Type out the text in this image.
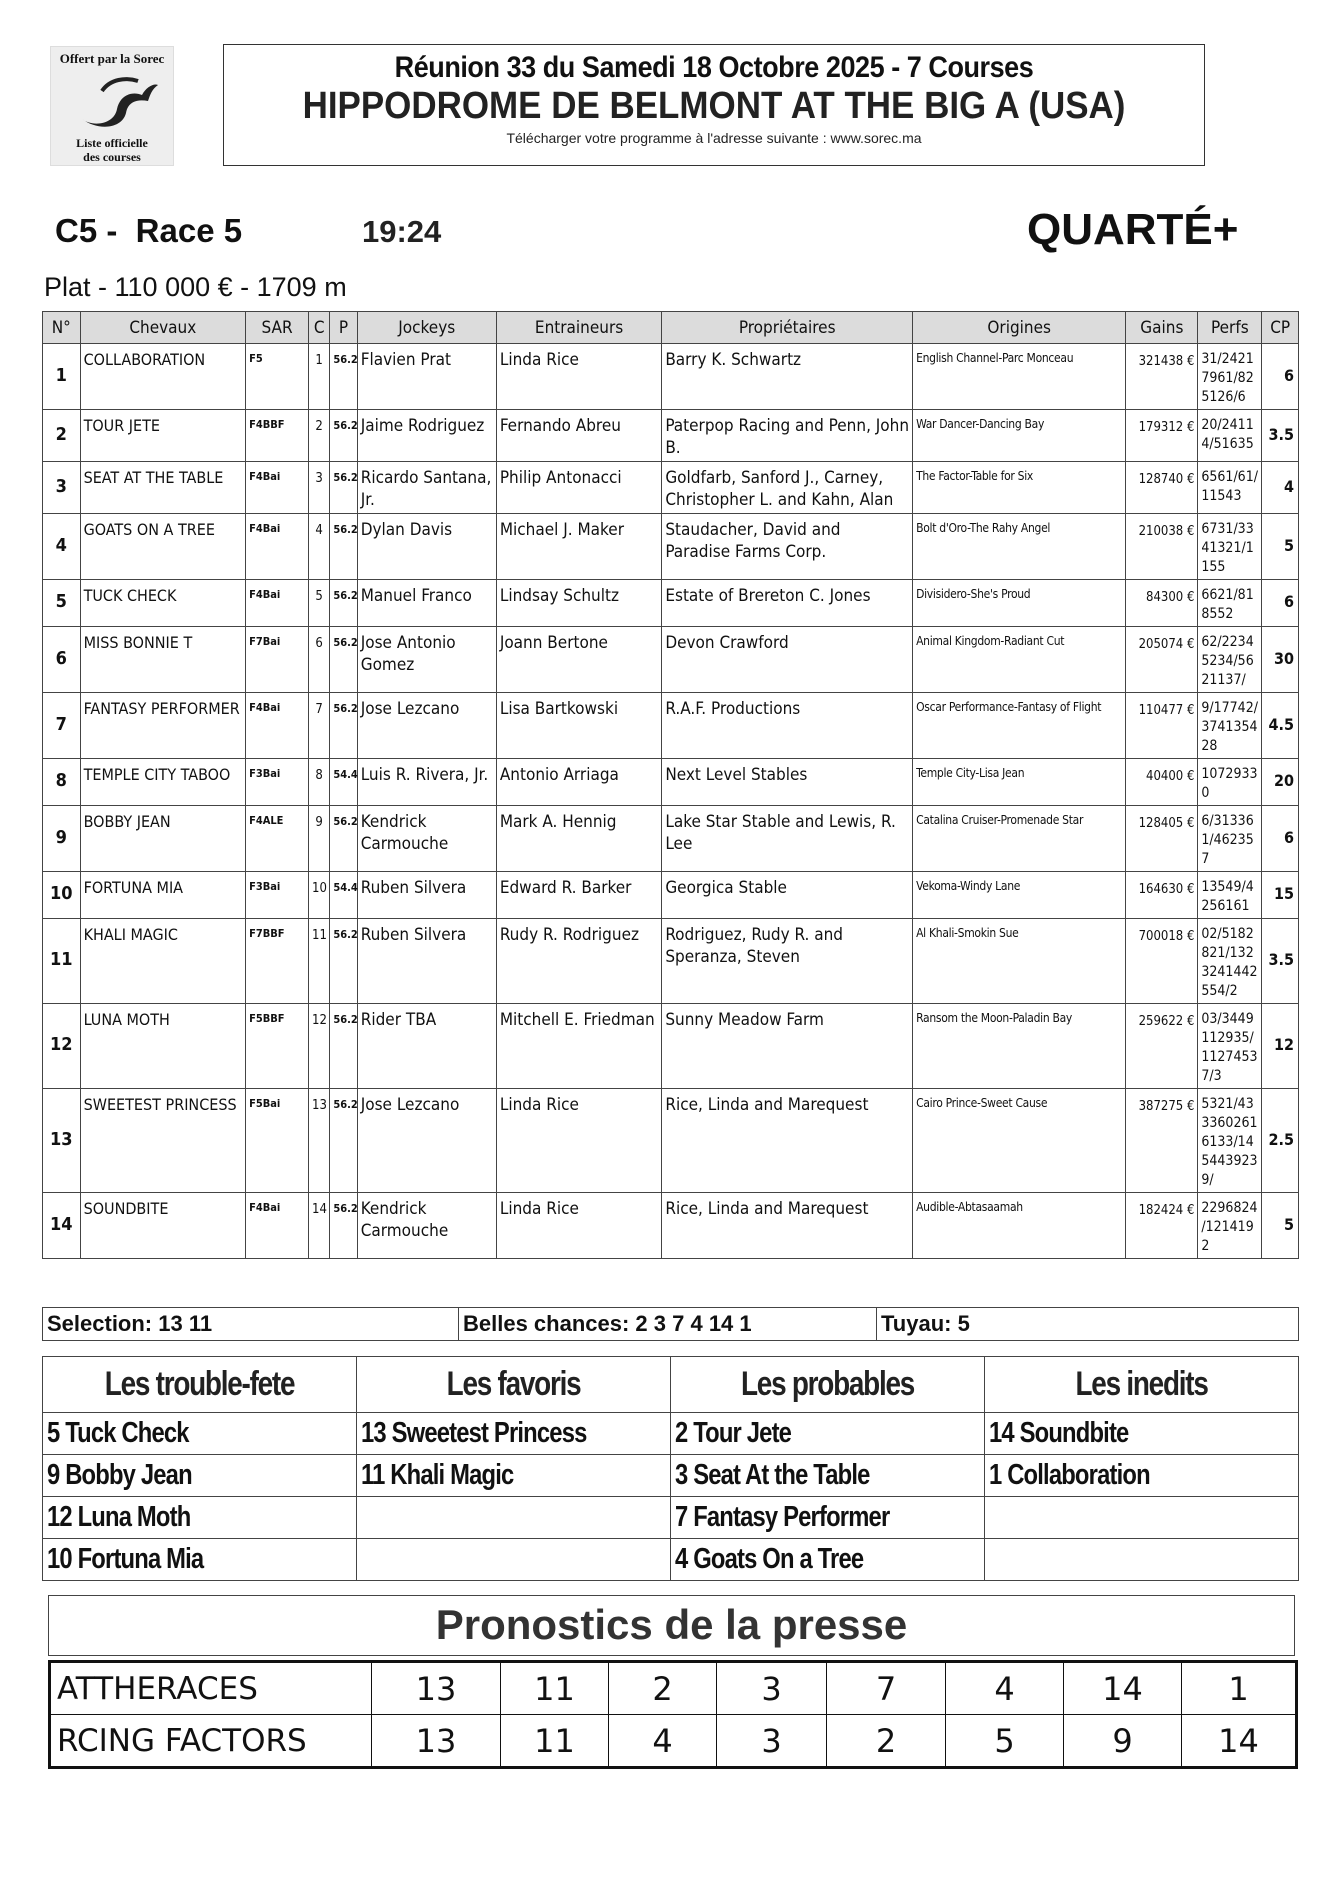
Offert par la Sorec
Liste officielle
des courses
Réunion 33 du Samedi 18 Octobre 2025 - 7 Courses
HIPPODROME DE BELMONT AT THE BIG A (USA)
Télécharger votre programme à l'adresse suivante : www.sorec.ma
C5 -  Race 5	19:24	QUARTÉ+
Plat - 110 000 € - 1709 m
N°	Chevaux	SAR	C	P	Jockeys	Entraineurs	Propriétaires	Origines	Gains	Perfs	CP
1	COLLABORATION	F5	1	56.2	Flavien Prat	Linda Rice	Barry K. Schwartz	English Channel-Parc Monceau	321438 €	31/2421 7961/82 5126/6	6
2	TOUR JETE	F4BBF	2	56.2	Jaime Rodriguez	Fernando Abreu	Paterpop Racing and Penn, John B.	War Dancer-Dancing Bay	179312 €	20/2411 4/51635	3.5
3	SEAT AT THE TABLE	F4Bai	3	56.2	Ricardo Santana, Jr.	Philip Antonacci	Goldfarb, Sanford J., Carney, Christopher L. and Kahn, Alan	The Factor-Table for Six	128740 €	6561/61/ 11543	4
4	GOATS ON A TREE	F4Bai	4	56.2	Dylan Davis	Michael J. Maker	Staudacher, David and Paradise Farms Corp.	Bolt d'Oro-The Rahy Angel	210038 €	6731/33 41321/1 155	5
5	TUCK CHECK	F4Bai	5	56.2	Manuel Franco	Lindsay Schultz	Estate of Brereton C. Jones	Divisidero-She's Proud	84300 €	6621/81 8552	6
6	MISS BONNIE T	F7Bai	6	56.2	Jose Antonio Gomez	Joann Bertone	Devon Crawford	Animal Kingdom-Radiant Cut	205074 €	62/2234 5234/56 21137/	30
7	FANTASY PERFORMER	F4Bai	7	56.2	Jose Lezcano	Lisa Bartkowski	R.A.F. Productions	Oscar Performance-Fantasy of Flight	110477 €	9/17742/ 3741354 28	4.5
8	TEMPLE CITY TABOO	F3Bai	8	54.4	Luis R. Rivera, Jr.	Antonio Arriaga	Next Level Stables	Temple City-Lisa Jean	40400 €	1072933 0	20
9	BOBBY JEAN	F4ALE	9	56.2	Kendrick Carmouche	Mark A. Hennig	Lake Star Stable and Lewis, R. Lee	Catalina Cruiser-Promenade Star	128405 €	6/31336 1/46235 7	6
10	FORTUNA MIA	F3Bai	10	54.4	Ruben Silvera	Edward R. Barker	Georgica Stable	Vekoma-Windy Lane	164630 €	13549/4 256161	15
11	KHALI MAGIC	F7BBF	11	56.2	Ruben Silvera	Rudy R. Rodriguez	Rodriguez, Rudy R. and Speranza, Steven	Al Khali-Smokin Sue	700018 €	02/5182 821/132 3241442 554/2	3.5
12	LUNA MOTH	F5BBF	12	56.2	Rider TBA	Mitchell E. Friedman	Sunny Meadow Farm	Ransom the Moon-Paladin Bay	259622 €	03/3449 112935/ 1127453 7/3	12
13	SWEETEST PRINCESS	F5Bai	13	56.2	Jose Lezcano	Linda Rice	Rice, Linda and Marequest	Cairo Prince-Sweet Cause	387275 €	5321/43 3360261 6133/14 5443923 9/	2.5
14	SOUNDBITE	F4Bai	14	56.2	Kendrick Carmouche	Linda Rice	Rice, Linda and Marequest	Audible-Abtasaamah	182424 €	2296824 /121419 2	5
Selection: 13 11	Belles chances: 2 3 7 4 14 1	Tuyau: 5
Les trouble-fete	Les favoris	Les probables	Les inedits
5 Tuck Check	13 Sweetest Princess	2 Tour Jete	14 Soundbite
9 Bobby Jean	11 Khali Magic	3 Seat At the Table	1 Collaboration
12 Luna Moth		7 Fantasy Performer	
10 Fortuna Mia		4 Goats On a Tree	
Pronostics de la presse
ATTHERACES	13	11	2	3	7	4	14	1
RCING FACTORS	13	11	4	3	2	5	9	14
